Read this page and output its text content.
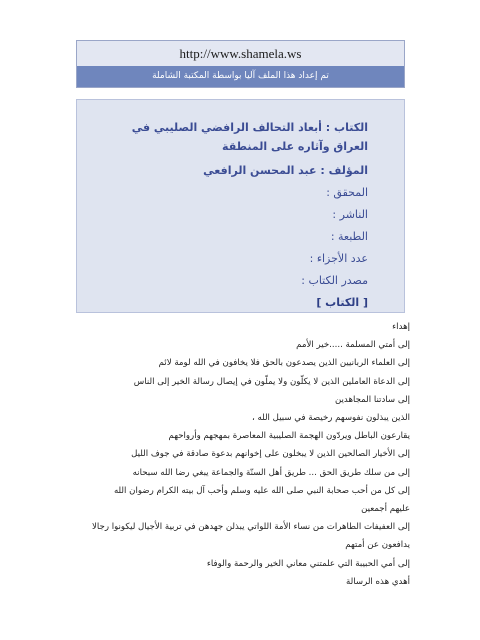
http://www.shamela.ws
تم إعداد هذا الملف آليا بواسطة المكتبة الشاملة
الكتاب : أبعاد التحالف الرافضي الصليبي في العراق وآثاره على المنطقة
المؤلف : عبد المحسن الرافعي
المحقق :
الناشر :
الطبعة :
عدد الأجزاء :
مصدر الكتاب :
[ الكتاب ]
إهداء
إلى أمتي المسلمة .....خير الأمم
إلى العلماء الربانيين الذين يصدعون بالحق فلا يخافون في الله لومة لائم
إلى الدعاة العاملين الذين لا يكلّون ولا يملّون في إيصال رسالة الخير إلى الناس
إلى سادتنا المجاهدين
الذين يبذلون نفوسهم رخيصة في سبيل الله ،
يقارعون الباطل ويردّون الهجمة الصليبية المعاصرة بمهجهم وأرواحهم
إلى الأخيار الصالحين الذين لا يبخلون على إخوانهم بدعوة صادقة في جوف الليل
إلى من سلك طريق الحق ... طريق أهل السنّة والجماعة يبغي رضا الله سبحانه
إلى كل من أحب صحابة النبي صلى الله عليه وسلم وأحب آل بيته الكرام رضوان الله
عليهم أجمعين
إلى العفيفات الطاهرات من نساء الأمة اللواتي يبذلن جهدهن في تربية الأجيال ليكونوا رجالا
يدافعون عن أمتهم
إلى أمي الحبيبة التي علمتني معاني الخير والرحمة والوفاء
أهدي هذه الرسالة
